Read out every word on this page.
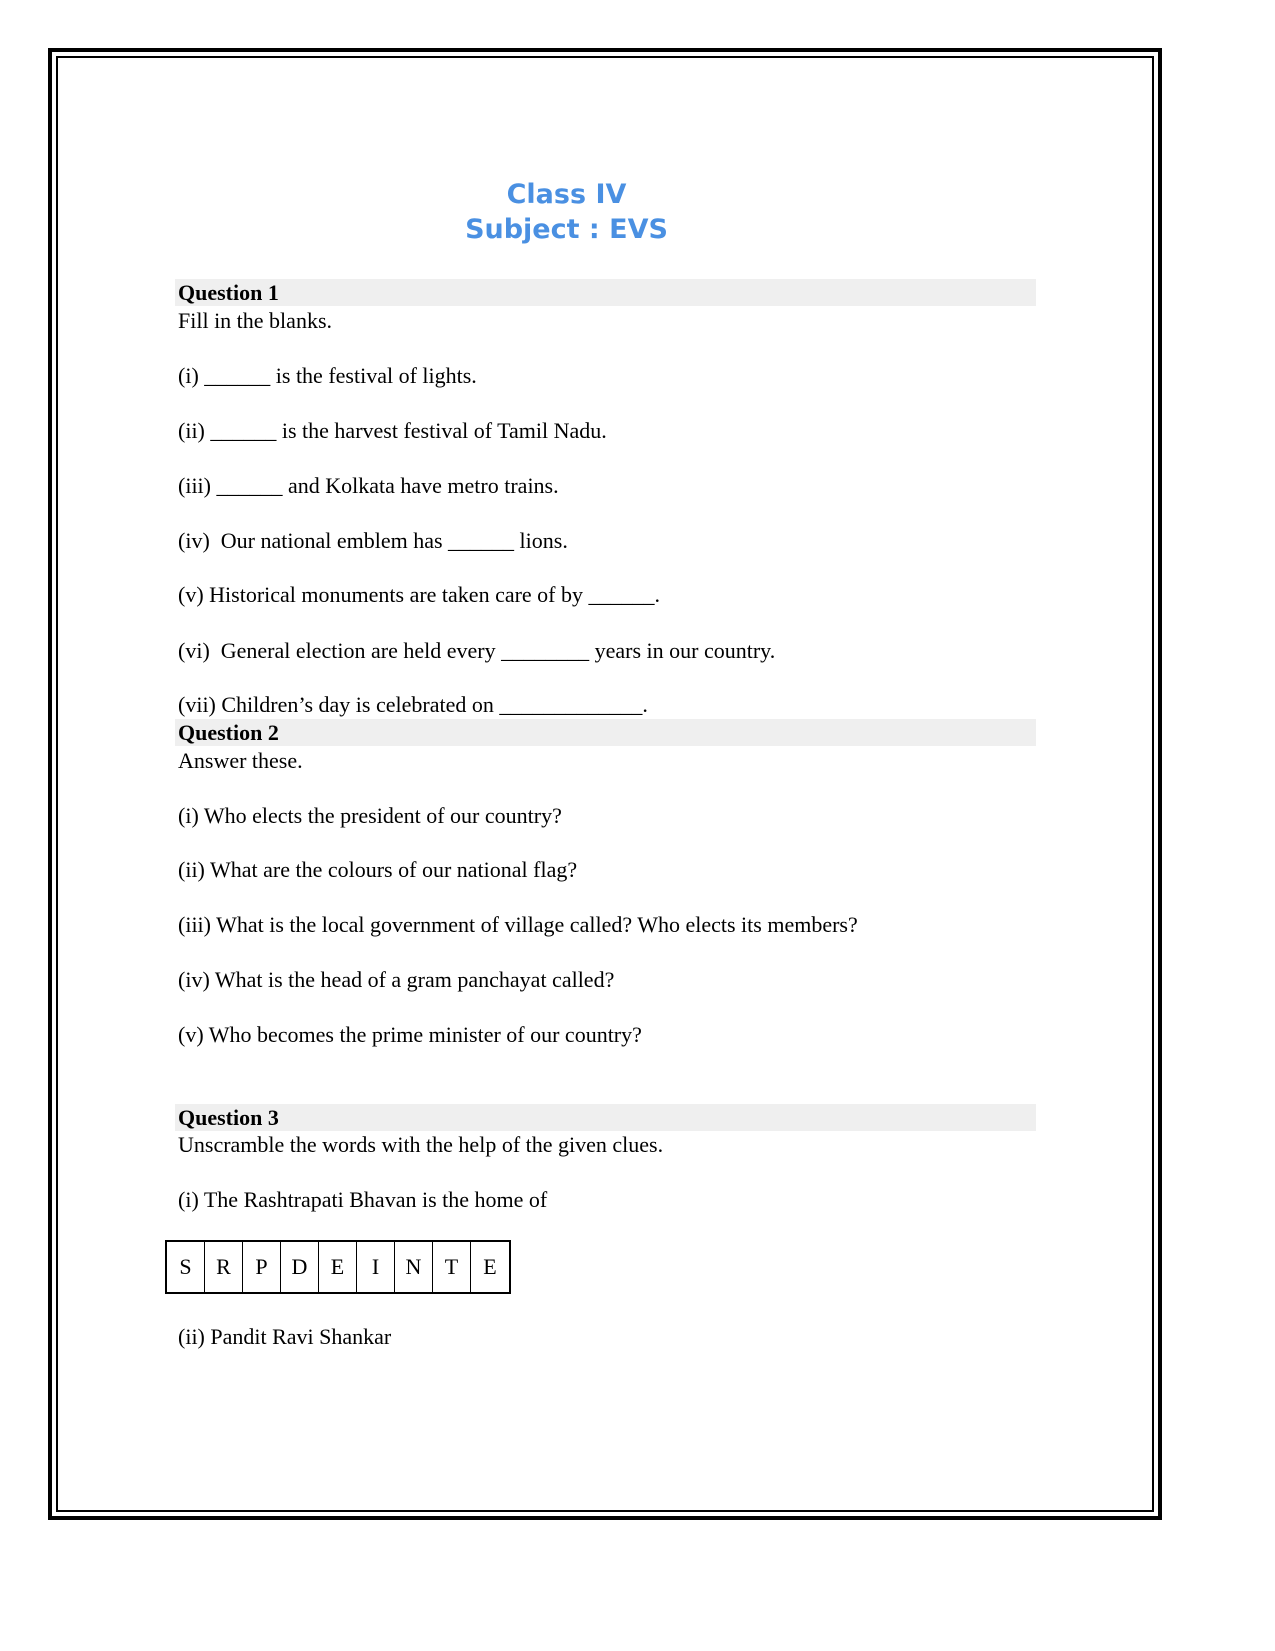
Class IV
Subject : EVS
Question 1
Fill in the blanks.
(i) ______ is the festival of lights.
(ii) ______ is the harvest festival of Tamil Nadu.
(iii) ______ and Kolkata have metro trains.
(iv)  Our national emblem has ______ lions.
(v) Historical monuments are taken care of by ______.
(vi)  General election are held every ________ years in our country.
(vii) Children’s day is celebrated on _____________.
Question 2
Answer these.
(i) Who elects the president of our country?
(ii) What are the colours of our national flag?
(iii) What is the local government of village called? Who elects its members?
(iv) What is the head of a gram panchayat called?
(v) Who becomes the prime minister of our country?
Question 3
Unscramble the words with the help of the given clues.
(i) The Rashtrapati Bhavan is the home of
S	R	P	D	E	I	N	T	E
(ii) Pandit Ravi Shankar
